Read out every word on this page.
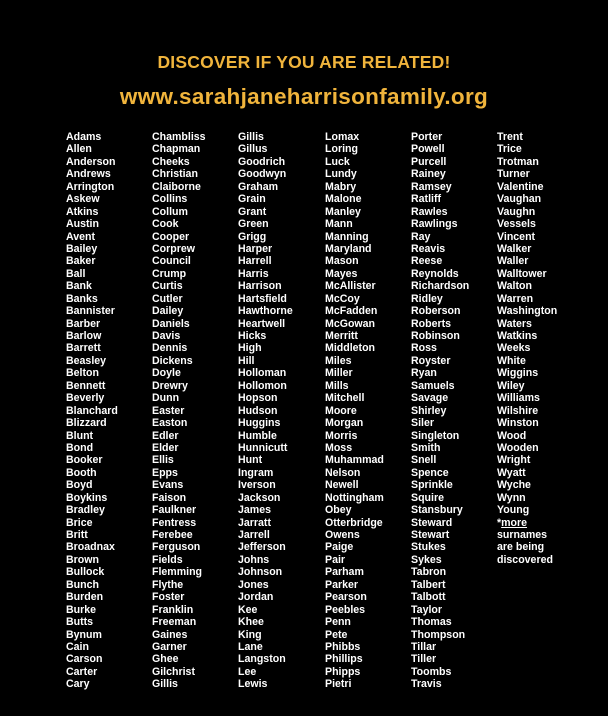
DISCOVER IF YOU ARE RELATED!
www.sarahjaneharrisonfamily.org
Adams
Allen
Anderson
Andrews
Arrington
Askew
Atkins
Austin
Avent
Bailey
Baker
Ball
Bank
Banks
Bannister
Barber
Barlow
Barrett
Beasley
Belton
Bennett
Beverly
Blanchard
Blizzard
Blunt
Bond
Booker
Booth
Boyd
Boykins
Bradley
Brice
Britt
Broadnax
Brown
Bullock
Bunch
Burden
Burke
Butts
Bynum
Cain
Carson
Carter
Cary
Chambliss
Chapman
Cheeks
Christian
Claiborne
Collins
Collum
Cook
Cooper
Corprew
Council
Crump
Curtis
Cutler
Dailey
Daniels
Davis
Dennis
Dickens
Doyle
Drewry
Dunn
Easter
Easton
Edler
Elder
Ellis
Epps
Evans
Faison
Faulkner
Fentress
Ferebee
Ferguson
Fields
Flemming
Flythe
Foster
Franklin
Freeman
Gaines
Garner
Ghee
Gilchrist
Gillis
Gillis
Gillus
Goodrich
Goodwyn
Graham
Grain
Grant
Green
Grigg
Harper
Harrell
Harris
Harrison
Hartsfield
Hawthorne
Heartwell
Hicks
High
Hill
Holloman
Hollomon
Hopson
Hudson
Huggins
Humble
Hunnicutt
Hunt
Ingram
Iverson
Jackson
James
Jarratt
Jarrell
Jefferson
Johns
Johnson
Jones
Jordan
Kee
Khee
King
Lane
Langston
Lee
Lewis
Lomax
Loring
Luck
Lundy
Mabry
Malone
Manley
Mann
Manning
Maryland
Mason
Mayes
McAllister
McCoy
McFadden
McGowan
Merritt
Middleton
Miles
Miller
Mills
Mitchell
Moore
Morgan
Morris
Moss
Muhammad
Nelson
Newell
Nottingham
Obey
Otterbridge
Owens
Paige
Pair
Parham
Parker
Pearson
Peebles
Penn
Pete
Phibbs
Phillips
Phipps
Pietri
Porter
Powell
Purcell
Rainey
Ramsey
Ratliff
Rawles
Rawlings
Ray
Reavis
Reese
Reynolds
Richardson
Ridley
Roberson
Roberts
Robinson
Ross
Royster
Ryan
Samuels
Savage
Shirley
Siler
Singleton
Smith
Snell
Spence
Sprinkle
Squire
Stansbury
Steward
Stewart
Stukes
Sykes
Tabron
Talbert
Talbott
Taylor
Thomas
Thompson
Tillar
Tiller
Toombs
Travis
Trent
Trice
Trotman
Turner
Valentine
Vaughan
Vaughn
Vessels
Vincent
Walker
Waller
Walltower
Walton
Warren
Washington
Waters
Watkins
Weeks
White
Wiggins
Wiley
Williams
Wilshire
Winston
Wood
Wooden
Wright
Wyatt
Wyche
Wynn
Young
*more
surnames
are being
discovered
